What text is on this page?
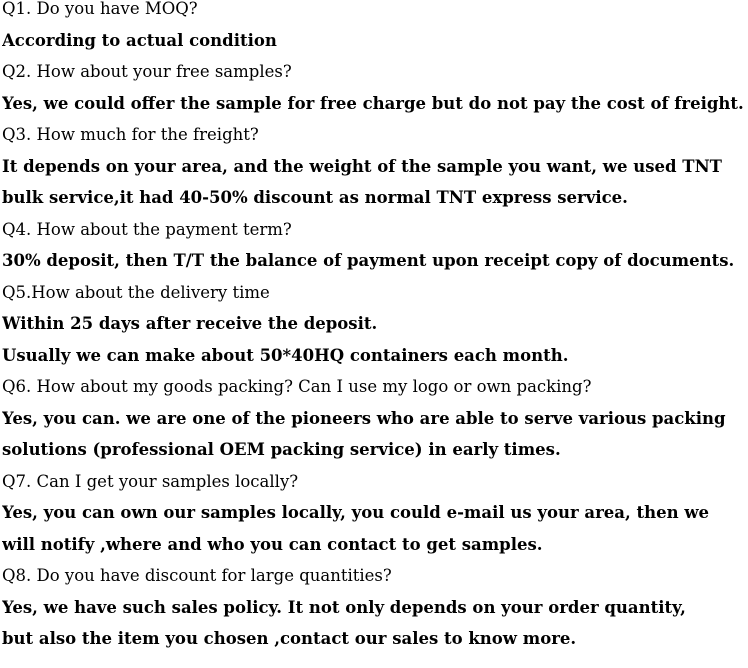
Q1. Do you have MOQ?
According to actual condition
Q2. How about your free samples?
Yes, we could offer the sample for free charge but do not pay the cost of freight.
Q3. How much for the freight?
It depends on your area, and the weight of the sample you want, we used TNT
bulk service,it had 40-50% discount as normal TNT express service.
Q4. How about the payment term?
30% deposit, then T/T the balance of payment upon receipt copy of documents.
Q5.How about the delivery time
Within 25 days after receive the deposit.
Usually we can make about 50*40HQ containers each month.
Q6. How about my goods packing? Can I use my logo or own packing?
Yes, you can. we are one of the pioneers who are able to serve various packing
solutions (professional OEM packing service) in early times.
Q7. Can I get your samples locally?
Yes, you can own our samples locally, you could e-mail us your area, then we
will notify ,where and who you can contact to get samples.
Q8. Do you have discount for large quantities?
Yes, we have such sales policy. It not only depends on your order quantity,
but also the item you chosen ,contact our sales to know more.
